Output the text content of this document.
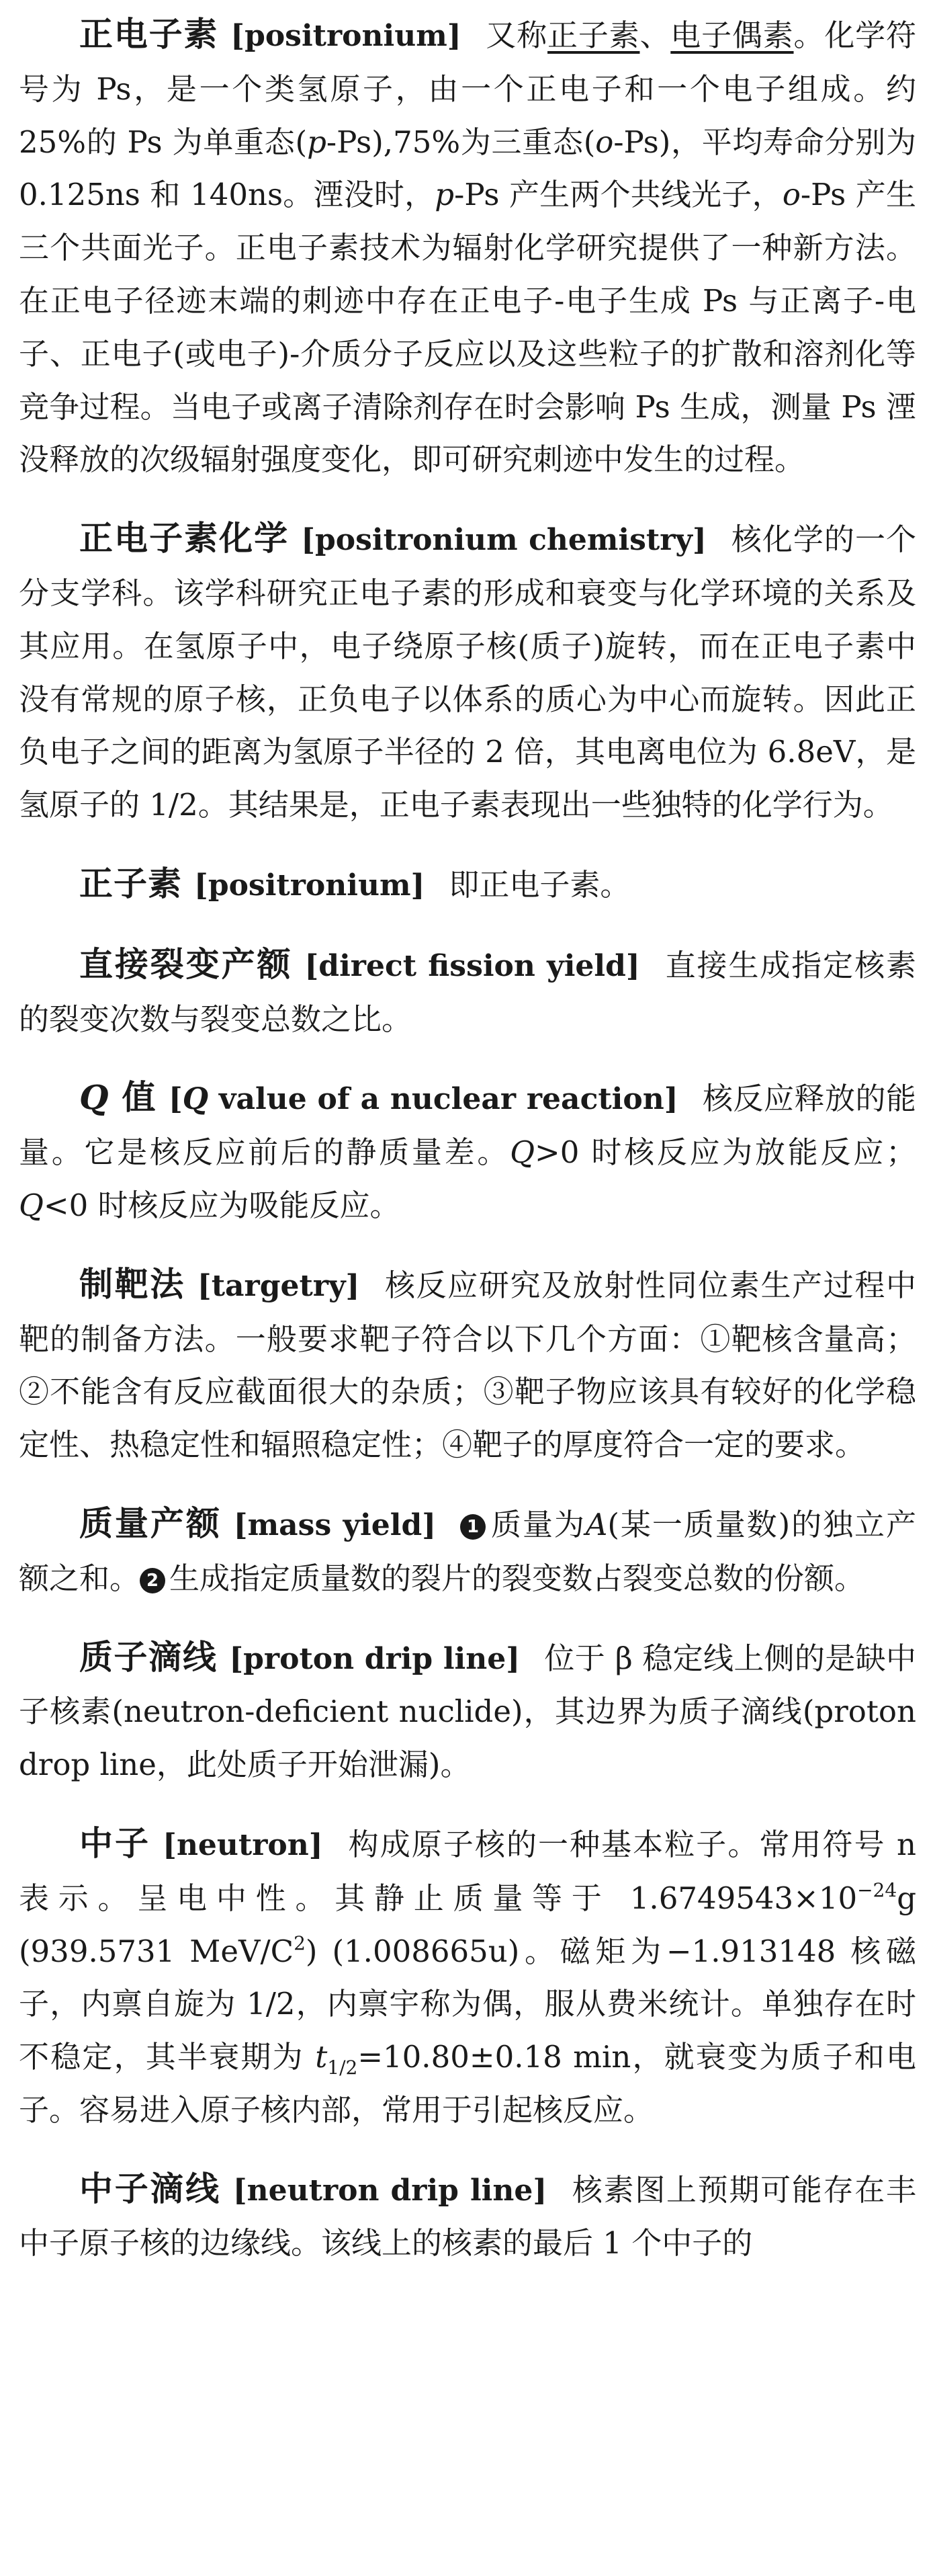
正电子素 [positronium] 又称正子素、电子偶素。化学符号为 Ps，是一个类氢原子，由一个正电子和一个电子组成。约 25%的 Ps 为单重态(p-Ps),75%为三重态(o-Ps)，平均寿命分别为 0.125ns 和 140ns。湮没时，p-Ps 产生两个共线光子，o-Ps 产生三个共面光子。正电子素技术为辐射化学研究提供了一种新方法。在正电子径迹末端的刺迹中存在正电子-电子生成 Ps 与正离子-电子、正电子(或电子)-介质分子反应以及这些粒子的扩散和溶剂化等竞争过程。当电子或离子清除剂存在时会影响 Ps 生成，测量 Ps 湮没释放的次级辐射强度变化，即可研究刺迹中发生的过程。

正电子素化学 [positronium chemistry] 核化学的一个分支学科。该学科研究正电子素的形成和衰变与化学环境的关系及其应用。在氢原子中，电子绕原子核(质子)旋转，而在正电子素中没有常规的原子核，正负电子以体系的质心为中心而旋转。因此正负电子之间的距离为氢原子半径的 2 倍，其电离电位为 6.8eV，是氢原子的 1/2。其结果是，正电子素表现出一些独特的化学行为。

正子素 [positronium] 即正电子素。

直接裂变产额 [direct fission yield] 直接生成指定核素的裂变次数与裂变总数之比。

Q 值 [Q value of a nuclear reaction] 核反应释放的能量。它是核反应前后的静质量差。Q>0 时核反应为放能反应；Q<0 时核反应为吸能反应。

制靶法 [targetry] 核反应研究及放射性同位素生产过程中靶的制备方法。一般要求靶子符合以下几个方面：①靶核含量高；②不能含有反应截面很大的杂质；③靶子物应该具有较好的化学稳定性、热稳定性和辐照稳定性；④靶子的厚度符合一定的要求。

质量产额 [mass yield] 1 质量为A(某一质量数)的独立产额之和。 2 生成指定质量数的裂片的裂变数占裂变总数的份额。

质子滴线 [proton drip line] 位于 β 稳定线上侧的是缺中子核素(neutron-deficient nuclide)，其边界为质子滴线(proton drop line，此处质子开始泄漏)。

中子 [neutron] 构成原子核的一种基本粒子。常用符号 n 表示。呈电中性。其静止质量等于 $1.6749543\times 10^{-24}g$ (939.5731 MeV/$C^2$) (1.008665u)。磁矩为−1.913148 核磁子，内禀自旋为 1/2，内禀宇称为偶，服从费米统计。单独存在时不稳定，其半衰期为 $t_{1/2}=10.80\pm 0.18$ min，就衰变为质子和电子。容易进入原子核内部，常用于引起核反应。

中子滴线 [neutron drip line] 核素图上预期可能存在丰中子原子核的边缘线。该线上的核素的最后 1 个中子的
